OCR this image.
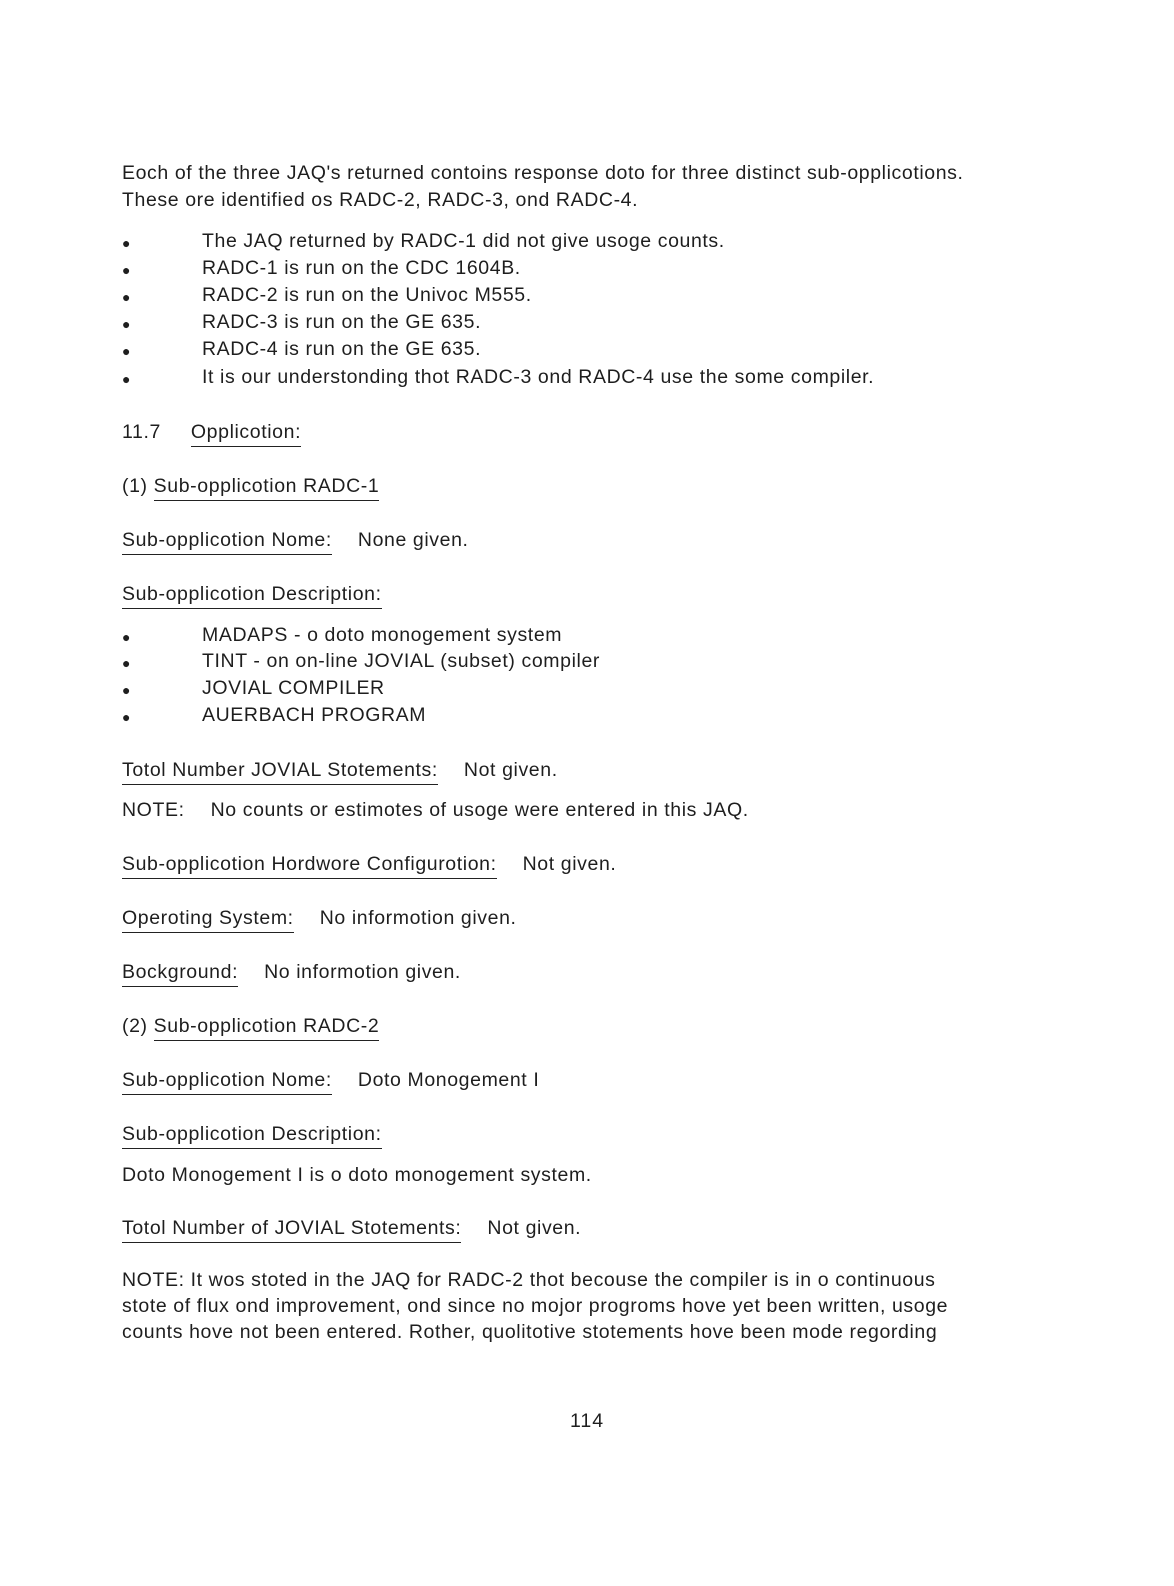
Eoch of the three JAQ's returned contoins response doto for three distinct sub-opplicotions.
These ore identified os RADC-2, RADC-3, ond RADC-4.
●	The JAQ returned by RADC-1 did not give usoge counts.
●	RADC-1 is run on the CDC 1604B.
●	RADC-2 is run on the Univoc M555.
●	RADC-3 is run on the GE 635.
●	RADC-4 is run on the GE 635.
●	It is our understonding thot RADC-3 ond RADC-4 use the some compiler.
11.7 Opplicotion:
(1) Sub-opplicotion RADC-1
Sub-opplicotion Nome: None given.
Sub-opplicotion Description:
●	MADAPS - o doto monogement system
●	TINT - on on-line JOVIAL (subset) compiler
●	JOVIAL COMPILER
●	AUERBACH PROGRAM
Totol Number JOVIAL Stotements: Not given.
NOTE: No counts or estimotes of usoge were entered in this JAQ.
Sub-opplicotion Hordwore Configurotion: Not given.
Operoting System: No informotion given.
Bockground: No informotion given.
(2) Sub-opplicotion RADC-2
Sub-opplicotion Nome: Doto Monogement I
Sub-opplicotion Description:
Doto Monogement I is o doto monogement system.
Totol Number of JOVIAL Stotements: Not given.
NOTE: It wos stoted in the JAQ for RADC-2 thot becouse the compiler is in o continuous
stote of flux ond improvement, ond since no mojor progroms hove yet been written, usoge
counts hove not been entered. Rother, quolitotive stotements hove been mode regording
114
